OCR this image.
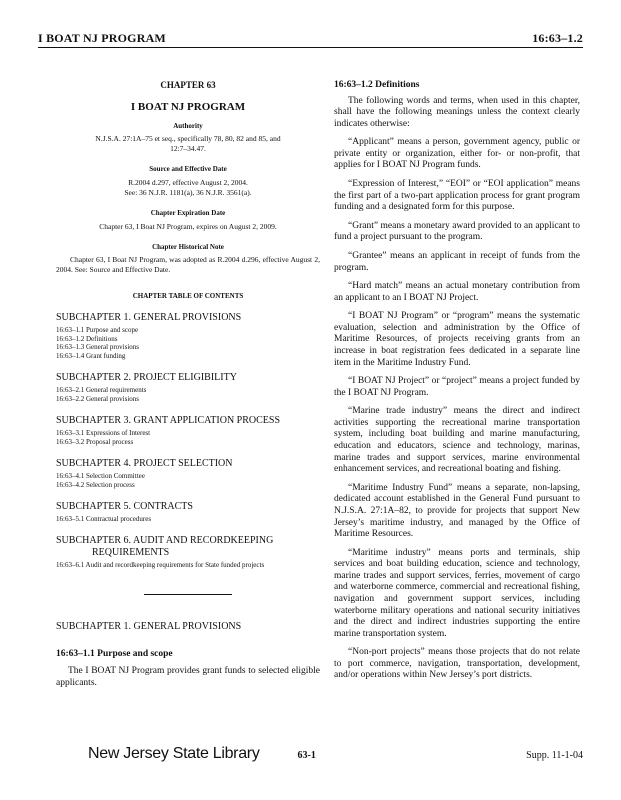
I BOAT NJ PROGRAM	16:63–1.2
CHAPTER 63
I BOAT NJ PROGRAM
Authority
N.J.S.A. 27:1A–75 et seq., specifically 78, 80, 82 and 85, and 12:7–34.47.
Source and Effective Date
R.2004 d.297, effective August 2, 2004.
See: 36 N.J.R. 1181(a), 36 N.J.R. 3561(a).
Chapter Expiration Date
Chapter 63, I Boat NJ Program, expires on August 2, 2009.
Chapter Historical Note
Chapter 63, I Boat NJ Program, was adopted as R.2004 d.296, effective August 2, 2004. See: Source and Effective Date.
CHAPTER TABLE OF CONTENTS
SUBCHAPTER 1. GENERAL PROVISIONS
16:63–1.1 Purpose and scope
16:63–1.2 Definitions
16:63–1.3 General provisions
16:63–1.4 Grant funding
SUBCHAPTER 2. PROJECT ELIGIBILITY
16:63–2.1 General requirements
16:63–2.2 General provisions
SUBCHAPTER 3. GRANT APPLICATION PROCESS
16:63–3.1 Expressions of Interest
16:63–3.2 Proposal process
SUBCHAPTER 4. PROJECT SELECTION
16:63–4.1 Selection Committee
16:63–4.2 Selection process
SUBCHAPTER 5. CONTRACTS
16:63–5.1 Contractual procedures
SUBCHAPTER 6. AUDIT AND RECORDKEEPING
REQUIREMENTS
16:63–6.1 Audit and recordkeeping requirements for State funded projects
SUBCHAPTER 1. GENERAL PROVISIONS
16:63–1.1 Purpose and scope
The I BOAT NJ Program provides grant funds to selected eligible applicants.
16:63–1.2 Definitions
The following words and terms, when used in this chapter, shall have the following meanings unless the context clearly indicates otherwise:
“Applicant” means a person, government agency, public or private entity or organization, either for- or non-profit, that applies for I BOAT NJ Program funds.
“Expression of Interest,” “EOI” or “EOI application” means the first part of a two-part application process for grant program funding and a designated form for this purpose.
“Grant” means a monetary award provided to an applicant to fund a project pursuant to the program.
“Grantee” means an applicant in receipt of funds from the program.
“Hard match” means an actual monetary contribution from an applicant to an I BOAT NJ Project.
“I BOAT NJ Program” or “program” means the systematic evaluation, selection and administration by the Office of Maritime Resources, of projects receiving grants from an increase in boat registration fees dedicated in a separate line item in the Maritime Industry Fund.
“I BOAT NJ Project” or “project” means a project funded by the I BOAT NJ Program.
“Marine trade industry” means the direct and indirect activities supporting the recreational marine transportation system, including boat building and marine manufacturing, education and educators, science and technology, marinas, marine trades and support services, marine environmental enhancement services, and recreational boating and fishing.
“Maritime Industry Fund” means a separate, non-lapsing, dedicated account established in the General Fund pursuant to N.J.S.A. 27:1A–82, to provide for projects that support New Jersey’s maritime industry, and managed by the Office of Maritime Resources.
“Maritime industry” means ports and terminals, ship services and boat building education, science and technology, marine trades and support services, ferries, movement of cargo and waterborne commerce, commercial and recreational fishing, navigation and government support services, including waterborne military operations and national security initiatives and the direct and indirect industries supporting the entire marine transportation system.
“Non-port projects” means those projects that do not relate to port commerce, navigation, transportation, development, and/or operations within New Jersey’s port districts.
New Jersey State Library	63-1	Supp. 11-1-04
